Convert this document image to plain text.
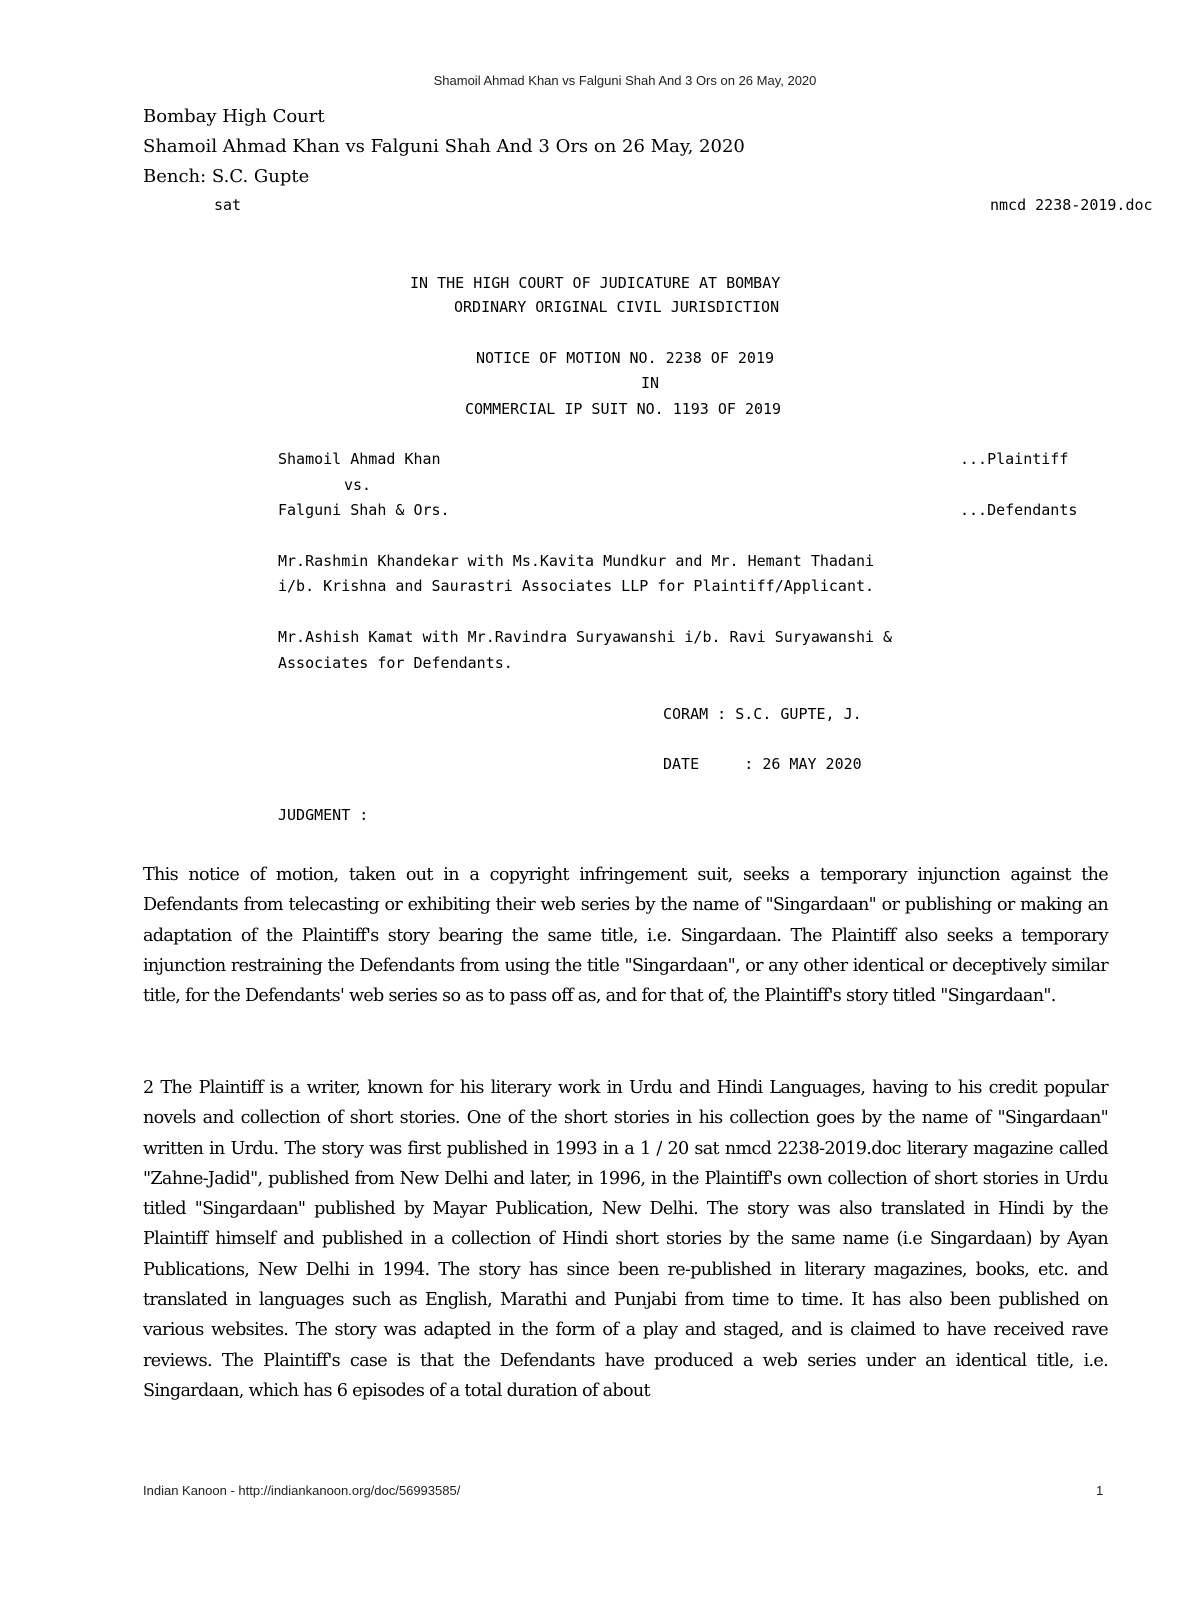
Shamoil Ahmad Khan vs Falguni Shah And 3 Ors on 26 May, 2020
Bombay High Court
Shamoil Ahmad Khan vs Falguni Shah And 3 Ors on 26 May, 2020
Bench: S.C. Gupte
sat	nmcd 2238-2019.doc
IN THE HIGH COURT OF JUDICATURE AT BOMBAY
ORDINARY ORIGINAL CIVIL JURISDICTION
NOTICE OF MOTION NO. 2238 OF 2019
IN
COMMERCIAL IP SUIT NO. 1193 OF 2019
Shamoil Ahmad Khan	...Plaintiff
vs.
Falguni Shah & Ors.	...Defendants
Mr.Rashmin Khandekar with Ms.Kavita Mundkur and Mr. Hemant Thadani
i/b. Krishna and Saurastri Associates LLP for Plaintiff/Applicant.
Mr.Ashish Kamat with Mr.Ravindra Suryawanshi i/b. Ravi Suryawanshi &
Associates for Defendants.
CORAM : S.C. GUPTE, J.
DATE     : 26 MAY 2020
JUDGMENT :

This notice of motion, taken out in a copyright infringement suit, seeks a temporary injunction against the Defendants from telecasting or exhibiting their web series by the name of "Singardaan" or publishing or making an adaptation of the Plaintiff's story bearing the same title, i.e. Singardaan. The Plaintiff also seeks a temporary injunction restraining the Defendants from using the title "Singardaan", or any other identical or deceptively similar title, for the Defendants' web series so as to pass off as, and for that of, the Plaintiff's story titled "Singardaan".

2 The Plaintiff is a writer, known for his literary work in Urdu and Hindi Languages, having to his credit popular novels and collection of short stories. One of the short stories in his collection goes by the name of "Singardaan" written in Urdu. The story was first published in 1993 in a 1 / 20 sat nmcd 2238-2019.doc literary magazine called "Zahne-Jadid", published from New Delhi and later, in 1996, in the Plaintiff's own collection of short stories in Urdu titled "Singardaan" published by Mayar Publication, New Delhi. The story was also translated in Hindi by the Plaintiff himself and published in a collection of Hindi short stories by the same name (i.e Singardaan) by Ayan Publications, New Delhi in 1994. The story has since been re-published in literary magazines, books, etc. and translated in languages such as English, Marathi and Punjabi from time to time. It has also been published on various websites. The story was adapted in the form of a play and staged, and is claimed to have received rave reviews. The Plaintiff's case is that the Defendants have produced a web series under an identical title, i.e. Singardaan, which has 6 episodes of a total duration of about

Indian Kanoon - http://indiankanoon.org/doc/56993585/	1
